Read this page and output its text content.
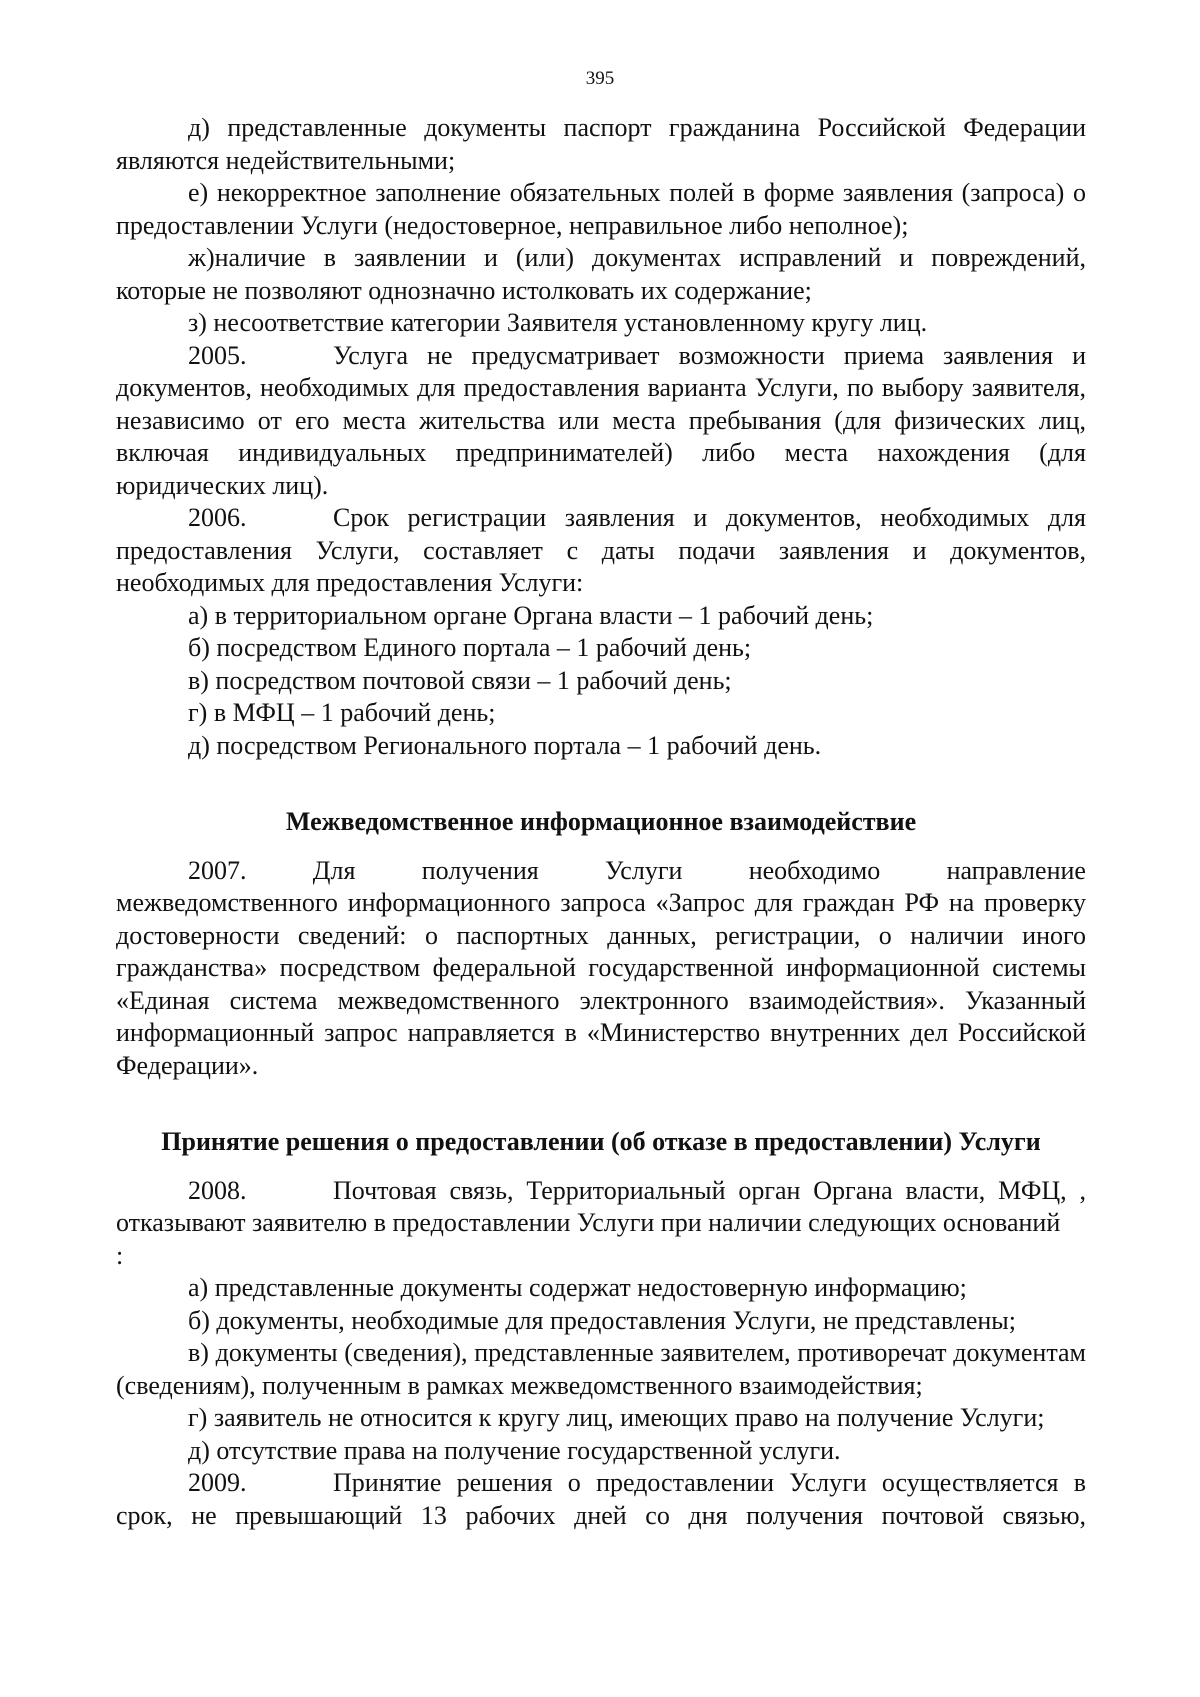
395

д) представленные документы паспорт гражданина Российской Федерации

являются недействительными;

е) некорректное заполнение обязательных полей в форме заявления (запроса) о предоставлении Услуги (недостоверное, неправильное либо неполное);

ж)наличие в заявлении и (или) документах исправлений и повреждений, которые не позволяют однозначно истолковать их содержание;

з) несоответствие категории Заявителя установленному кругу лиц.

2005.	Услуга не предусматривает возможности приема заявления и документов, необходимых для предоставления варианта Услуги, по выбору заявителя, независимо от его места жительства или места пребывания (для физических лиц, включая индивидуальных предпринимателей) либо места нахождения (для юридических лиц).

2006.	Срок регистрации заявления и документов, необходимых для предоставления Услуги, составляет с даты подачи заявления и документов, необходимых для предоставления Услуги:

а) в территориальном органе Органа власти – 1 рабочий день;

б) посредством Единого портала – 1 рабочий день;

в) посредством почтовой связи – 1 рабочий день;

г) в МФЦ – 1 рабочий день;

д) посредством Регионального портала – 1 рабочий день.

Межведомственное информационное взаимодействие

2007.	Для	получения	Услуги	необходимо	направление

межведомственного информационного запроса «Запрос для граждан РФ на проверку достоверности сведений: о паспортных данных, регистрации, о наличии иного гражданства» посредством федеральной государственной информационной системы «Единая система межведомственного электронного взаимодействия». Указанный информационный запрос направляется в «Министерство внутренних дел Российской Федерации».

Принятие решения о предоставлении (об отказе в предоставлении) Услуги

2008.	Почтовая связь, Территориальный орган Органа власти, МФЦ, , отказывают заявителю в предоставлении Услуги при наличии следующих оснований

:

а) представленные документы содержат недостоверную информацию;

б) документы, необходимые для предоставления Услуги, не представлены;

в) документы (сведения), представленные заявителем, противоречат документам (сведениям), полученным в рамках межведомственного взаимодействия;

г) заявитель не относится к кругу лиц, имеющих право на получение Услуги;

д) отсутствие права на получение государственной услуги.

2009.	Принятие решения о предоставлении Услуги осуществляется в срок, не превышающий 13 рабочих дней со дня получения почтовой связью,
